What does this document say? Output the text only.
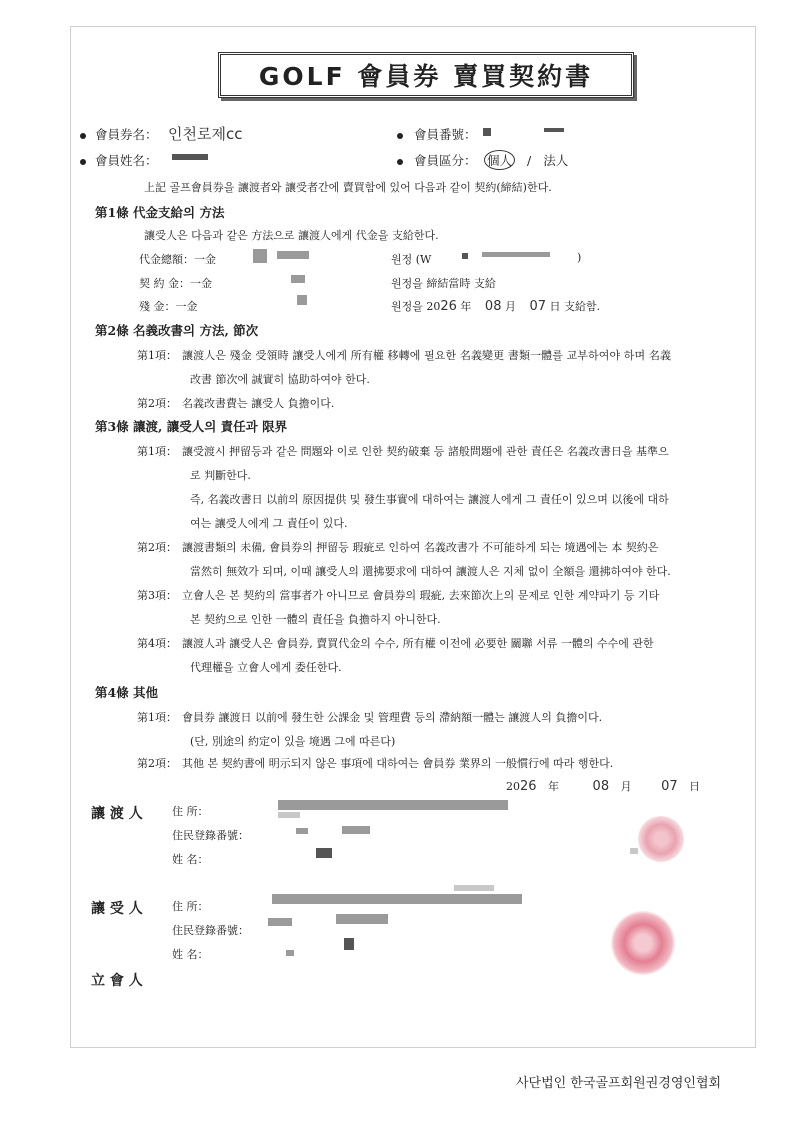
GOLF 會員券 賣買契約書
會員券名： 인천로제cc	會員番號：
會員姓名：	會員區分： 個人 / 法人
上記 골프會員券을 讓渡者와 讓受者간에 賣買함에 있어 다음과 같이 契約(締結)한다.
第1條 代金支給의 方法
讓受人은 다음과 같은 方法으로 讓渡人에게 代金을 支給한다.
代金總額：一金	원정 (W	)
契 約 金：一金	원정을 締結當時 支給
殘 金：一金	원정을 2026 年 08 月 07 日 支給함.
第2條 名義改書의 方法, 節次
第1項： 讓渡人은 殘金 受領時 讓受人에게 所有權 移轉에 필요한 名義變更 書類一體를 교부하여야 하며 名義
改書 節次에 誠實히 協助하여야 한다.
第2項： 名義改書費는 讓受人 負擔이다.
第3條 讓渡, 讓受人의 責任과 限界
第1項： 讓受渡시 押留등과 같은 問題와 이로 인한 契約破棄 등 諸般問題에 관한 責任은 名義改書日을 基準으
로 判斷한다.
즉, 名義改書日 以前의 原因提供 및 發生事實에 대하여는 讓渡人에게 그 責任이 있으며 以後에 대하
여는 讓受人에게 그 責任이 있다.
第2項： 讓渡書類의 未備, 會員券의 押留등 瑕疵로 인하여 名義改書가 不可能하게 되는 境遇에는 本 契約은
當然히 無效가 되며, 이때 讓受人의 還拂要求에 대하여 讓渡人은 지체 없이 全額을 還拂하여야 한다.
第3項： 立會人은 본 契約의 當事者가 아니므로 會員券의 瑕疵, 去來節次上의 문제로 인한 계약파기 등 기타
본 契約으로 인한 一體의 責任을 負擔하지 아니한다.
第4項： 讓渡人과 讓受人은 會員券, 賣買代金의 수수, 所有權 이전에 必要한 關聯 서류 一體의 수수에 관한
代理權을 立會人에게 委任한다.
第4條 其他
第1項： 會員券 讓渡日 以前에 發生한 公課金 및 管理費 등의 滯納額一體는 讓渡人의 負擔이다.
(단, 別途의 約定이 있을 境遇 그에 따른다)
第2項： 其他 본 契約書에 明示되지 않은 事項에 대하여는 會員券 業界의 一般慣行에 따라 행한다.
2026 年	08 月 07 日
讓 渡 人	住 所：
住民登錄番號：
姓 名：
讓 受 人	住 所：
住民登錄番號：
姓 名：
立 會 人
사단법인 한국골프회원권경영인협회
